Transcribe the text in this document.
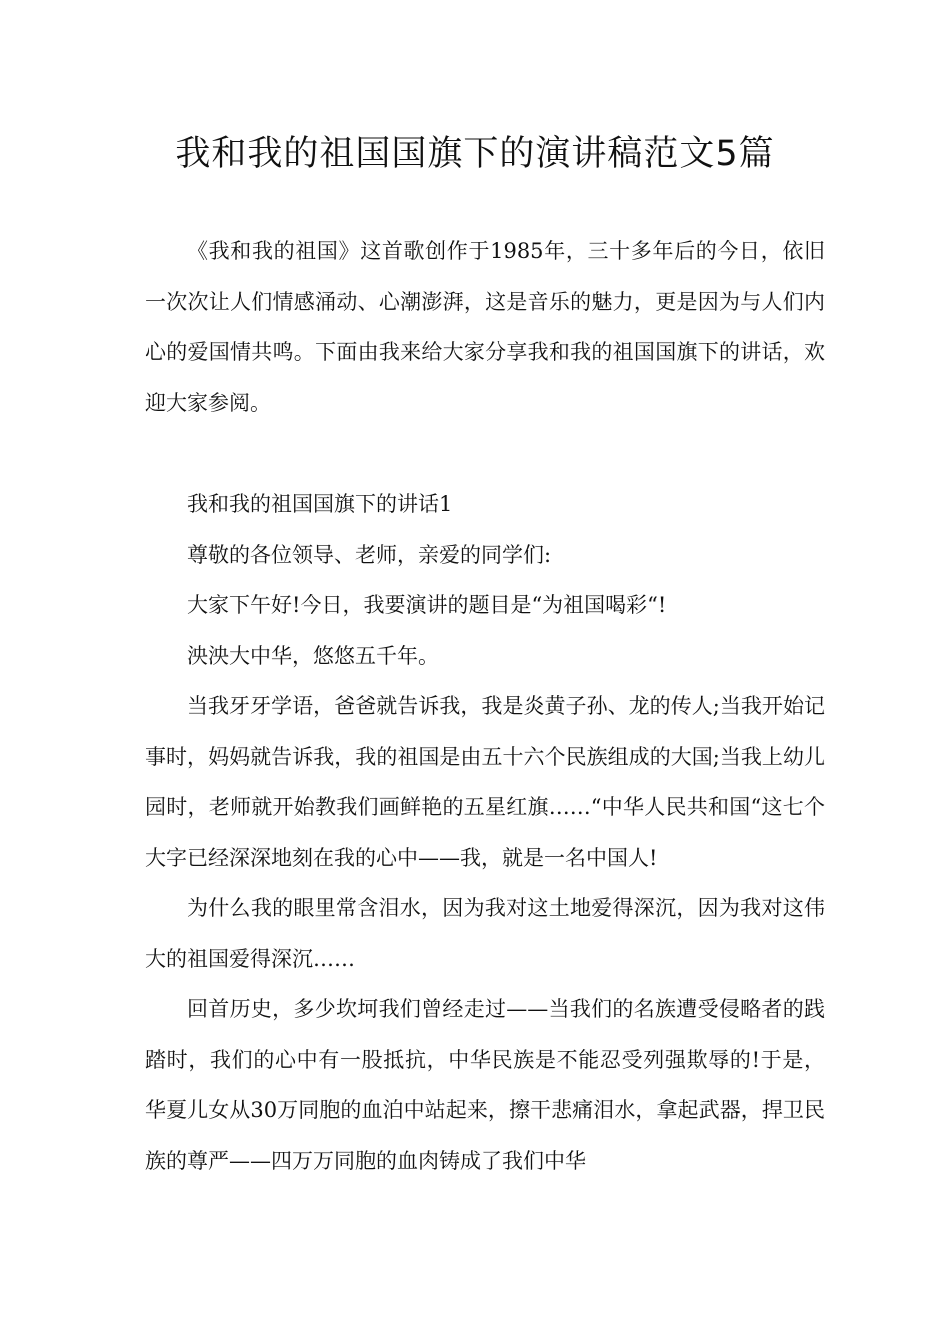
我和我的祖国国旗下的演讲稿范文5篇

《我和我的祖国》这首歌创作于1985年，三十多年后的今日，依旧一次次让人们情感涌动、心潮澎湃，这是音乐的魅力，更是因为与人们内心的爱国情共鸣。下面由我来给大家分享我和我的祖国国旗下的讲话，欢迎大家参阅。

我和我的祖国国旗下的讲话1

尊敬的各位领导、老师，亲爱的同学们:

大家下午好!今日，我要演讲的题目是“为祖国喝彩“!

泱泱大中华，悠悠五千年。

当我牙牙学语，爸爸就告诉我，我是炎黄子孙、龙的传人;当我开始记事时，妈妈就告诉我，我的祖国是由五十六个民族组成的大国;当我上幼儿园时，老师就开始教我们画鲜艳的五星红旗……“中华人民共和国“这七个大字已经深深地刻在我的心中——我，就是一名中国人!

为什么我的眼里常含泪水，因为我对这土地爱得深沉，因为我对这伟大的祖国爱得深沉……

回首历史，多少坎坷我们曾经走过——当我们的名族遭受侵略者的践踏时，我们的心中有一股抵抗，中华民族是不能忍受列强欺辱的!于是，华夏儿女从30万同胞的血泊中站起来，擦干悲痛泪水，拿起武器，捍卫民族的尊严——四万万同胞的血肉铸成了我们中华
